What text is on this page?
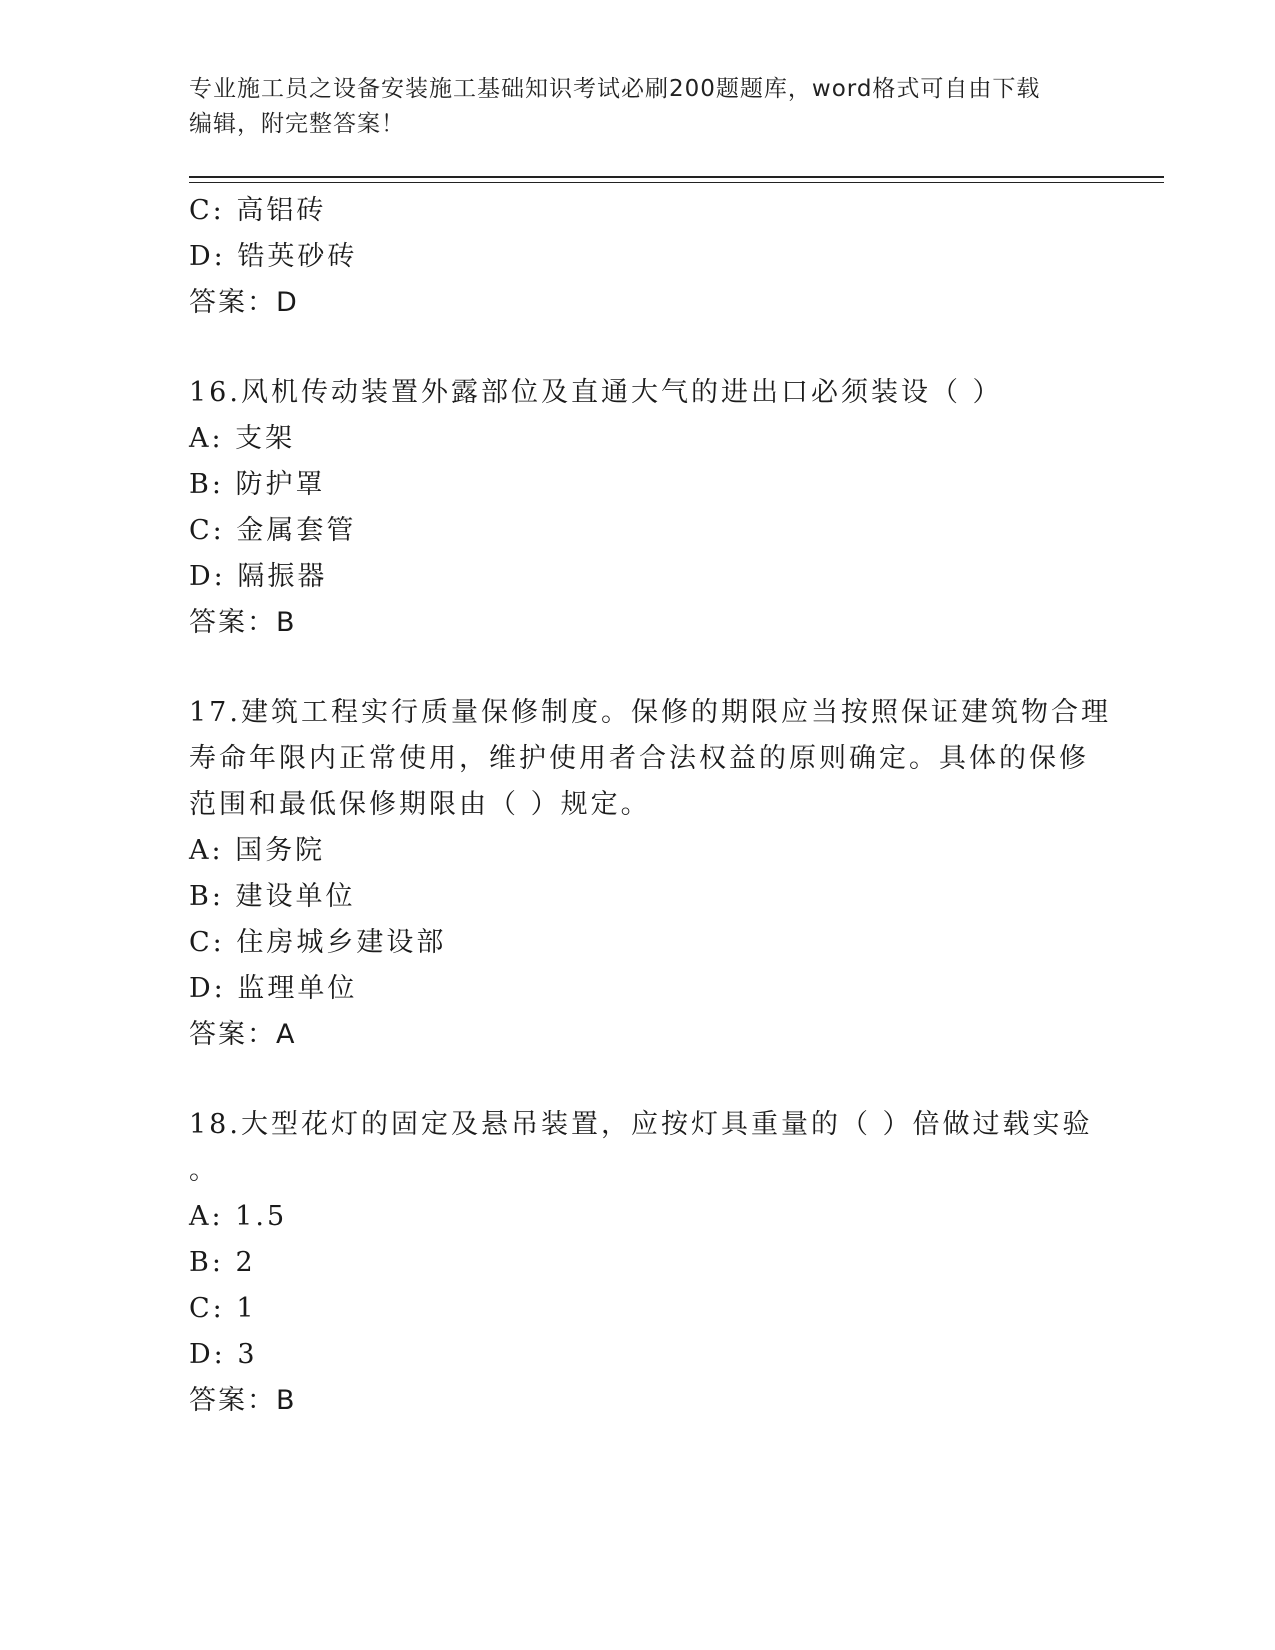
专业施工员之设备安装施工基础知识考试必刷200题题库，word格式可自由下载
编辑，附完整答案！
C: 高铝砖
D: 锆英砂砖
答案：D
16.风机传动装置外露部位及直通大气的进出口必须装设（ ）
A: 支架
B: 防护罩
C: 金属套管
D: 隔振器
答案：B
17.建筑工程实行质量保修制度。保修的期限应当按照保证建筑物合理
寿命年限内正常使用，维护使用者合法权益的原则确定。具体的保修
范围和最低保修期限由（ ）规定。
A: 国务院
B: 建设单位
C: 住房城乡建设部
D: 监理单位
答案：A
18.大型花灯的固定及悬吊装置，应按灯具重量的（ ）倍做过载实验
。
A: 1.5
B: 2
C: 1
D: 3
答案：B
